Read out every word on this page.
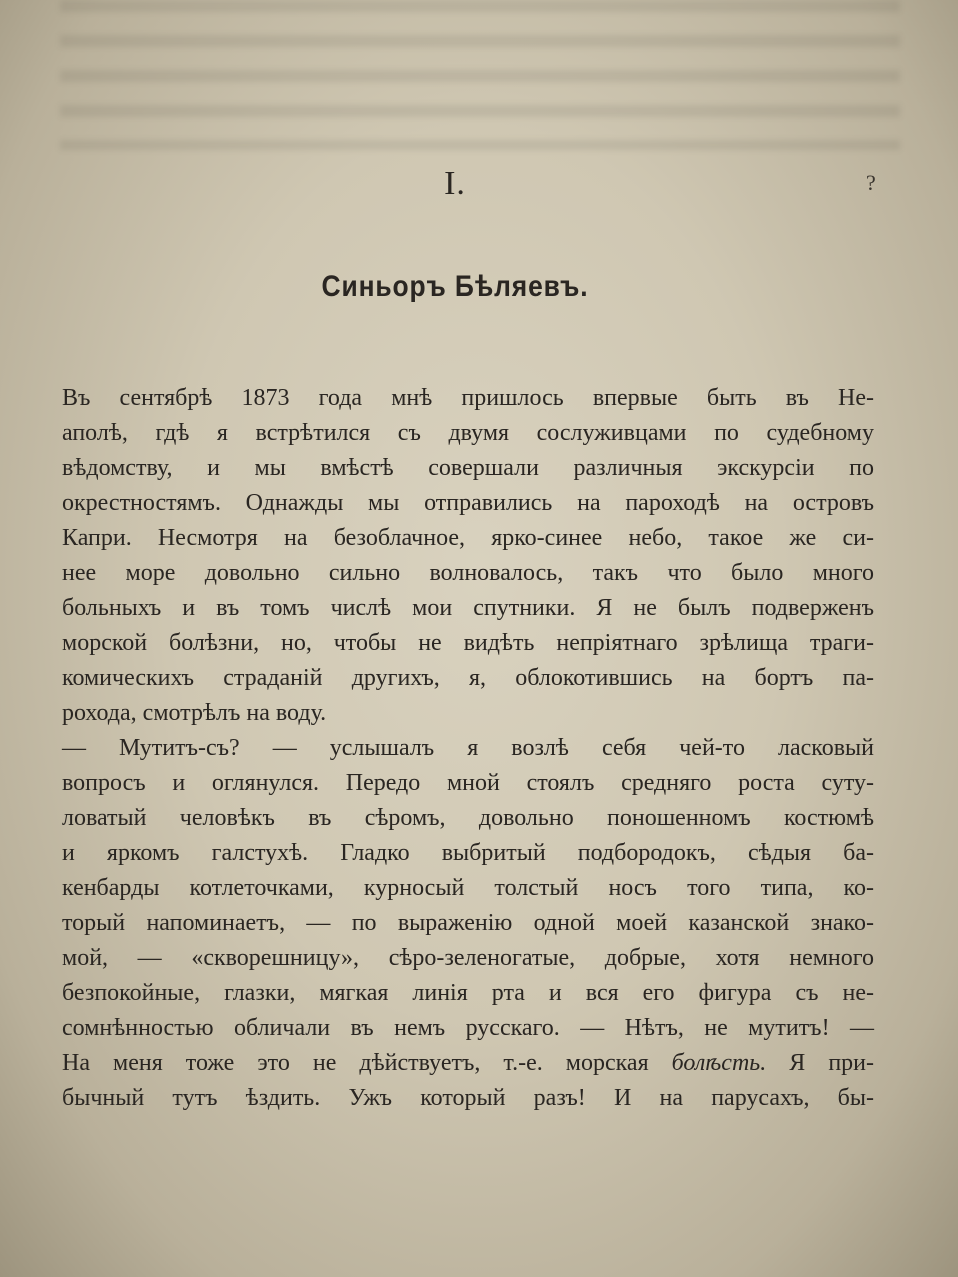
I.	?
Синьоръ Бѣляевъ.
Въ сентябрѣ 1873 года мнѣ пришлось впервые быть въ Не-
аполѣ, гдѣ я встрѣтился съ двумя сослуживцами по судебному
вѣдомству, и мы вмѣстѣ совершали различныя экскурсіи по
окрестностямъ. Однажды мы отправились на пароходѣ на островъ
Капри. Несмотря на безоблачное, ярко-синее небо, такое же си-
нее море довольно сильно волновалось, такъ что было много
больныхъ и въ томъ числѣ мои спутники. Я не былъ подверженъ
морской болѣзни, но, чтобы не видѣть непріятнаго зрѣлища траги-
комическихъ страданій другихъ, я, облокотившись на бортъ па-
рохода, смотрѣлъ на воду.
— Мутитъ-съ? — услышалъ я возлѣ себя чей-то ласковый
вопросъ и оглянулся. Передо мной стоялъ средняго роста суту-
ловатый человѣкъ въ сѣромъ, довольно поношенномъ костюмѣ
и яркомъ галстухѣ. Гладко выбритый подбородокъ, сѣдыя ба-
кенбарды котлеточками, курносый толстый носъ того типа, ко-
торый напоминаетъ, — по выраженію одной моей казанской знако-
мой, — «скворешницу», сѣро-зеленогатые, добрые, хотя немного
безпокойные, глазки, мягкая линія рта и вся его фигура съ не-
сомнѣнностью обличали въ немъ русскаго. — Нѣтъ, не мутитъ! —
На меня тоже это не дѣйствуетъ, т.-е. морская болѣсть. Я при-
бычный тутъ ѣздить. Ужъ который разъ! И на парусахъ, бы-
